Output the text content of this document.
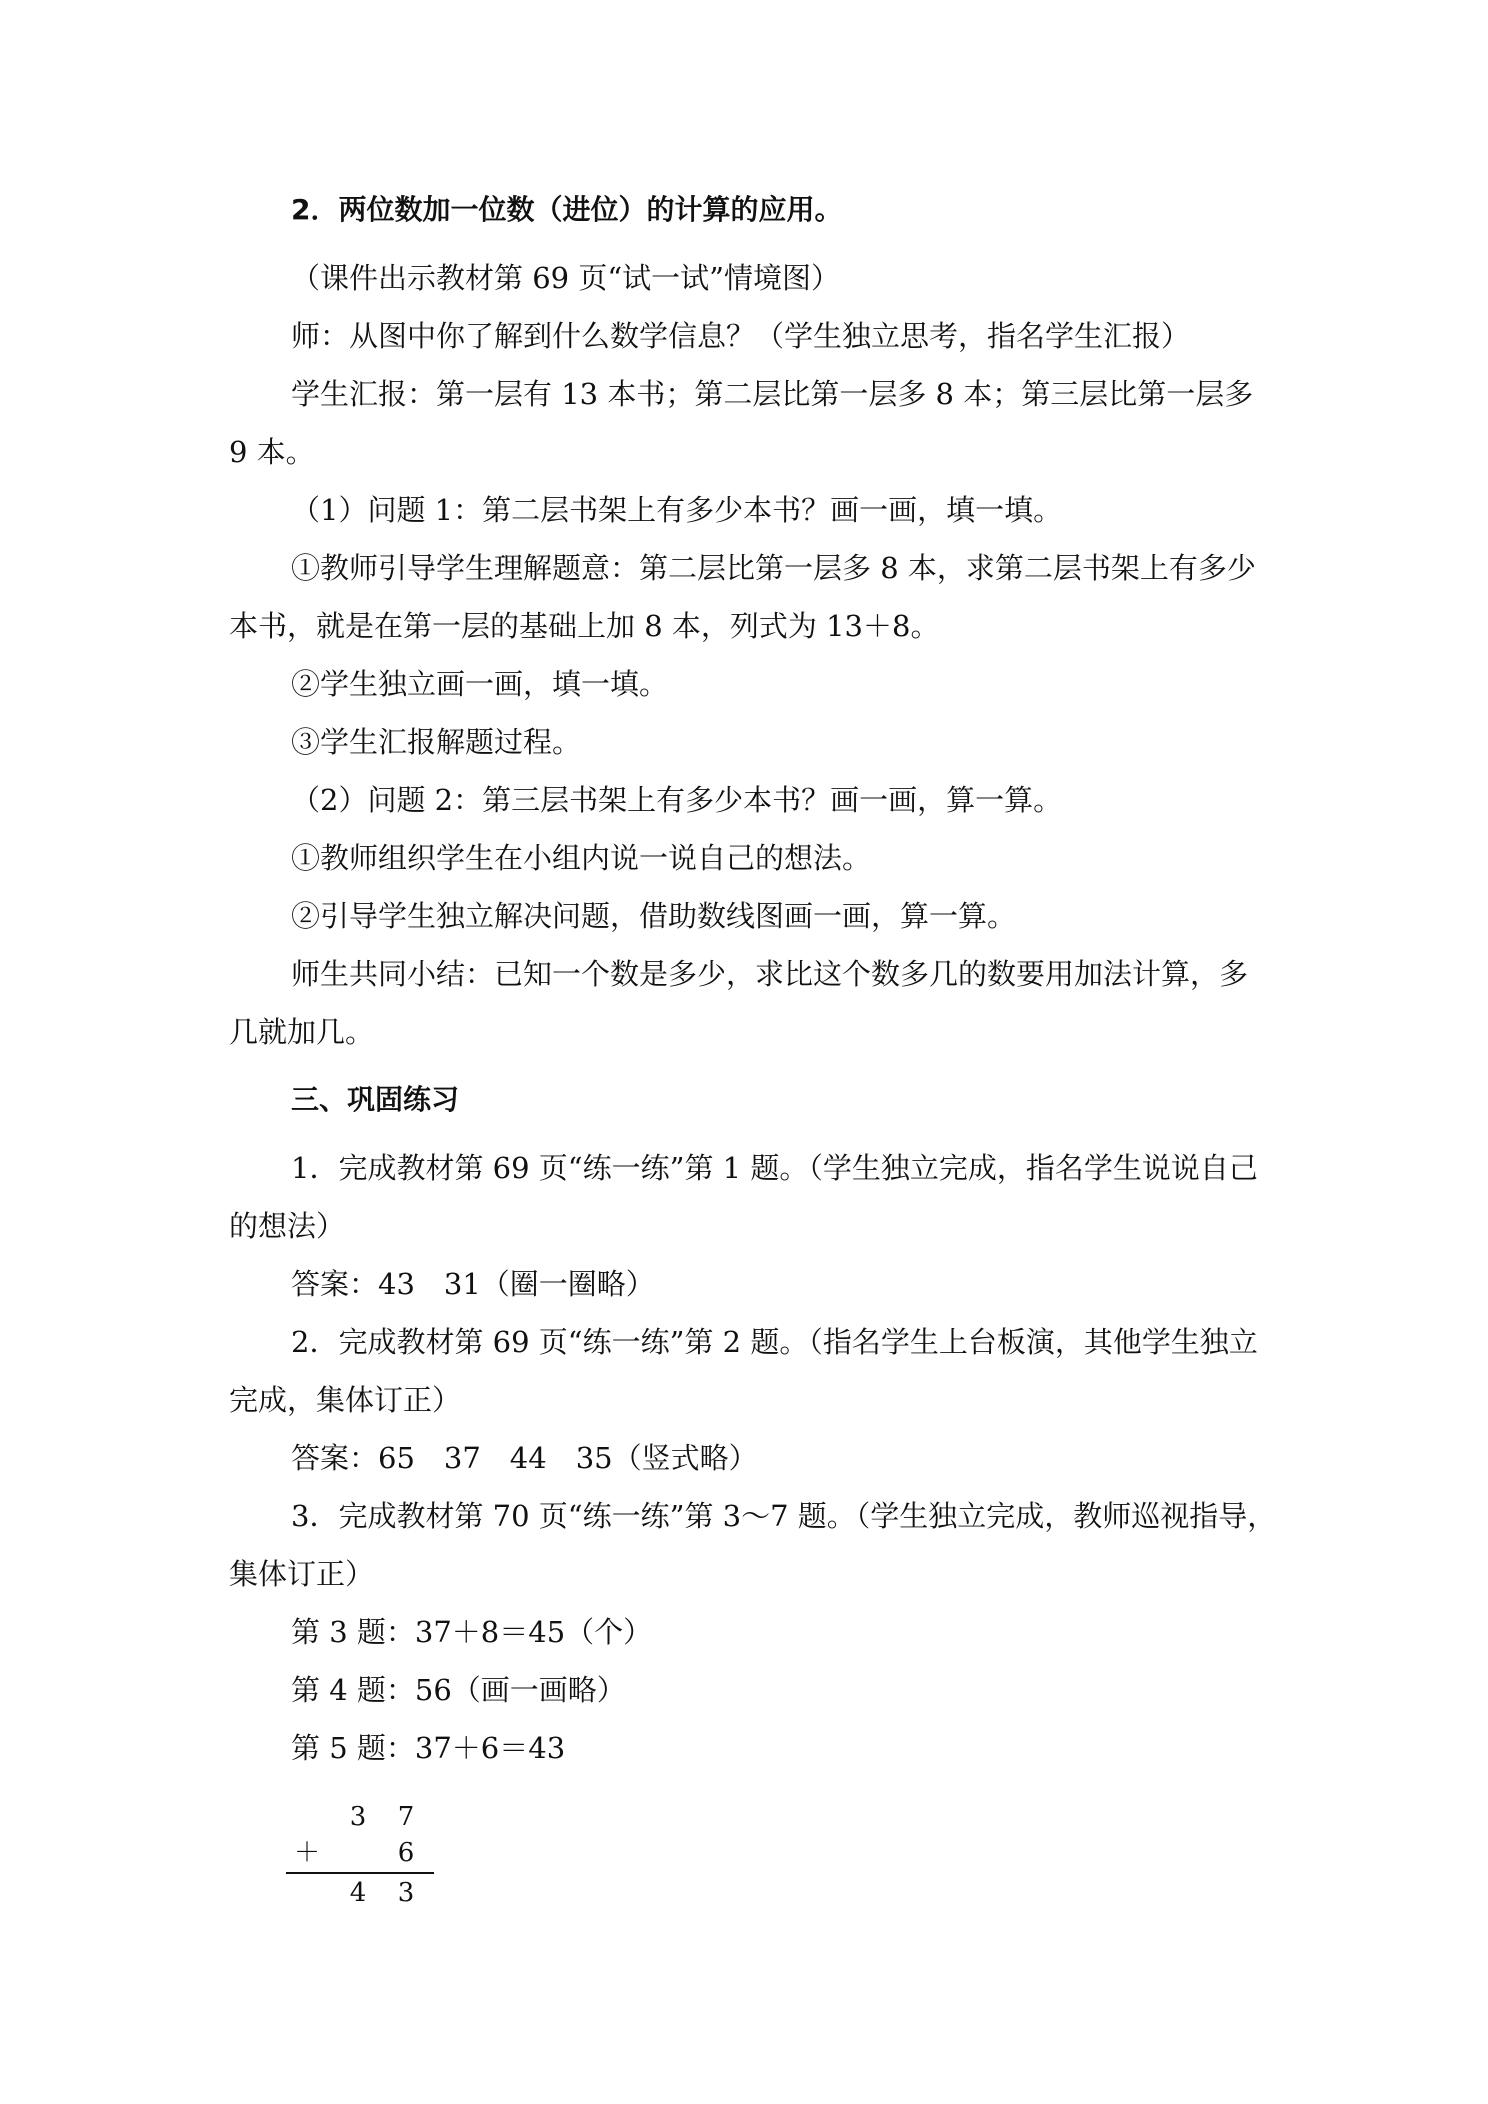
2．两位数加一位数（进位）的计算的应用。

（课件出示教材第 69 页“试一试”情境图）

师：从图中你了解到什么数学信息？（学生独立思考，指名学生汇报）

学生汇报：第一层有 13 本书；第二层比第一层多 8 本；第三层比第一层多

9 本。

（1）问题 1：第二层书架上有多少本书？画一画，填一填。

①教师引导学生理解题意：第二层比第一层多 8 本，求第二层书架上有多少

本书，就是在第一层的基础上加 8 本，列式为 13＋8。

②学生独立画一画，填一填。

③学生汇报解题过程。

（2）问题 2：第三层书架上有多少本书？画一画，算一算。

①教师组织学生在小组内说一说自己的想法。

②引导学生独立解决问题，借助数线图画一画，算一算。

师生共同小结：已知一个数是多少，求比这个数多几的数要用加法计算，多

几就加几。

三、巩固练习

1．完成教材第 69 页“练一练”第 1 题。（学生独立完成，指名学生说说自己

的想法）

答案：43　31（圈一圈略）

2．完成教材第 69 页“练一练”第 2 题。（指名学生上台板演，其他学生独立

完成，集体订正）

答案：65　37　44　35（竖式略）

3．完成教材第 70 页“练一练”第 3～7 题。（学生独立完成，教师巡视指导，

集体订正）

第 3 题：37＋8＝45（个）

第 4 题：56（画一画略）

第 5 题：37＋6＝43

3 7
＋	6
4 3
